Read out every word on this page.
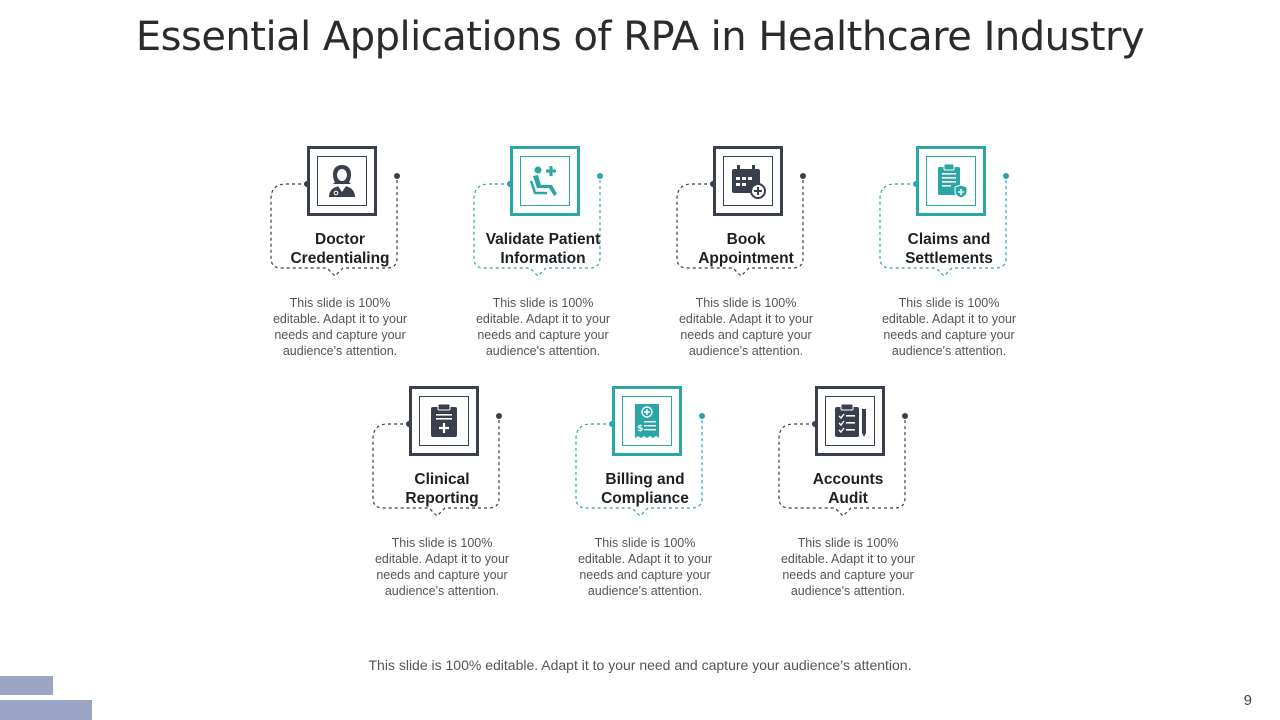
Essential Applications of RPA in Healthcare Industry
Doctor
Credentialing
This slide is 100%
editable. Adapt it to your
needs and capture your
audience's attention.
Validate Patient
Information
This slide is 100%
editable. Adapt it to your
needs and capture your
audience's attention.
Book
Appointment
This slide is 100%
editable. Adapt it to your
needs and capture your
audience's attention.
Claims and
Settlements
This slide is 100%
editable. Adapt it to your
needs and capture your
audience's attention.
Clinical
Reporting
This slide is 100%
editable. Adapt it to your
needs and capture your
audience's attention.
$
Billing and
Compliance
This slide is 100%
editable. Adapt it to your
needs and capture your
audience's attention.
Accounts
Audit
This slide is 100%
editable. Adapt it to your
needs and capture your
audience's attention.
This slide is 100% editable. Adapt it to your need and capture your audience’s attention.
9
